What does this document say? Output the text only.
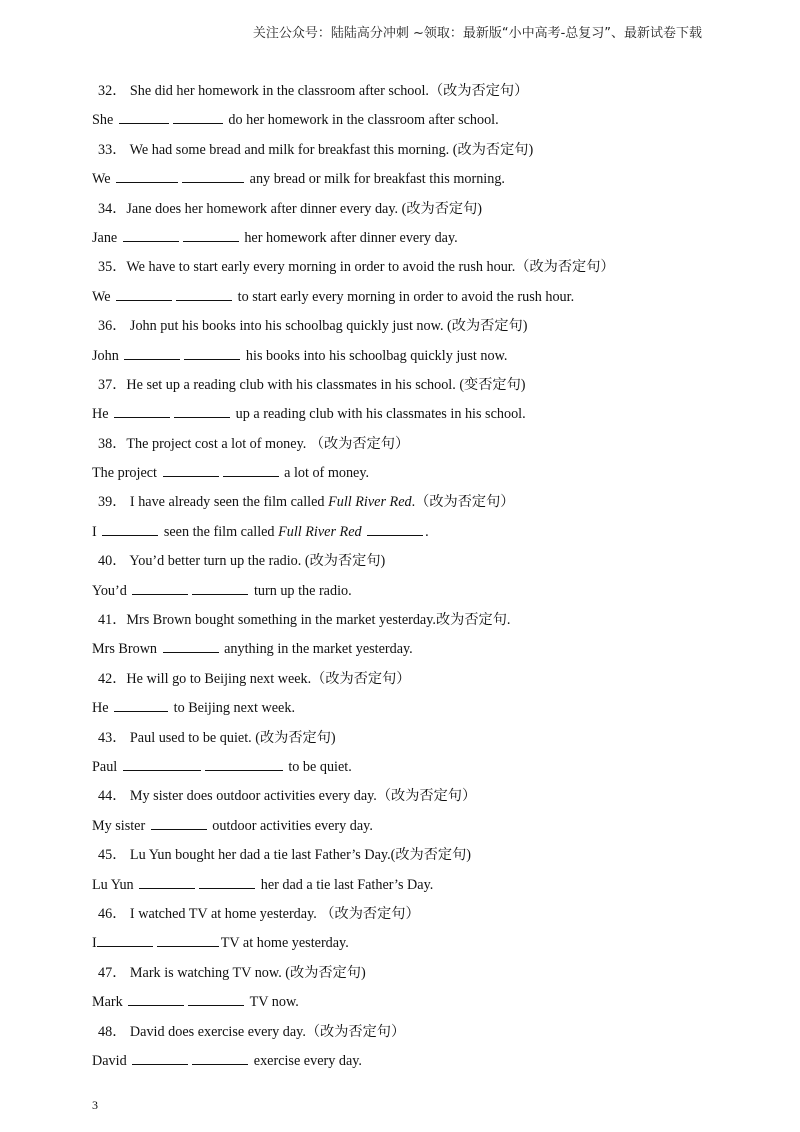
关注公众号：陆陆高分冲刺 ~领取：最新版“小中高考-总复习”、最新试卷下载
32． She did her homework in the classroom after school.（改为否定句）
She	do her homework in the classroom after school.
33． We had some bread and milk for breakfast this morning. (改为否定句)
We	any bread or milk for breakfast this morning.
34．Jane does her homework after dinner every day. (改为否定句)
Jane	her homework after dinner every day.
35．We have to start early every morning in order to avoid the rush hour.（改为否定句）
We	to start early every morning in order to avoid the rush hour.
36． John put his books into his schoolbag quickly just now. (改为否定句)
John	his books into his schoolbag quickly just now.
37．He set up a reading club with his classmates in his school. (变否定句)
He	up a reading club with his classmates in his school.
38．The project cost a lot of money. （改为否定句）
The project	a lot of money.
39． I have already seen the film called Full River Red.（改为否定句）
I	seen the film called Full River Red	.
40． You’d better turn up the radio. (改为否定句)
You’d	turn up the radio.
41．Mrs Brown bought something in the market yesterday.改为否定句.
Mrs Brown	anything in the market yesterday.
42．He will go to Beijing next week.（改为否定句）
He	to Beijing next week.
43． Paul used to be quiet. (改为否定句)
Paul	to be quiet.
44． My sister does outdoor activities every day.（改为否定句）
My sister	outdoor activities every day.
45． Lu Yun bought her dad a tie last Father’s Day.(改为否定句)
Lu Yun	her dad a tie last Father’s Day.
46． I watched TV at home yesterday. （改为否定句）
I	TV at home yesterday.
47． Mark is watching TV now. (改为否定句)
Mark	TV now.
48． David does exercise every day.（改为否定句）
David	exercise every day.
3
